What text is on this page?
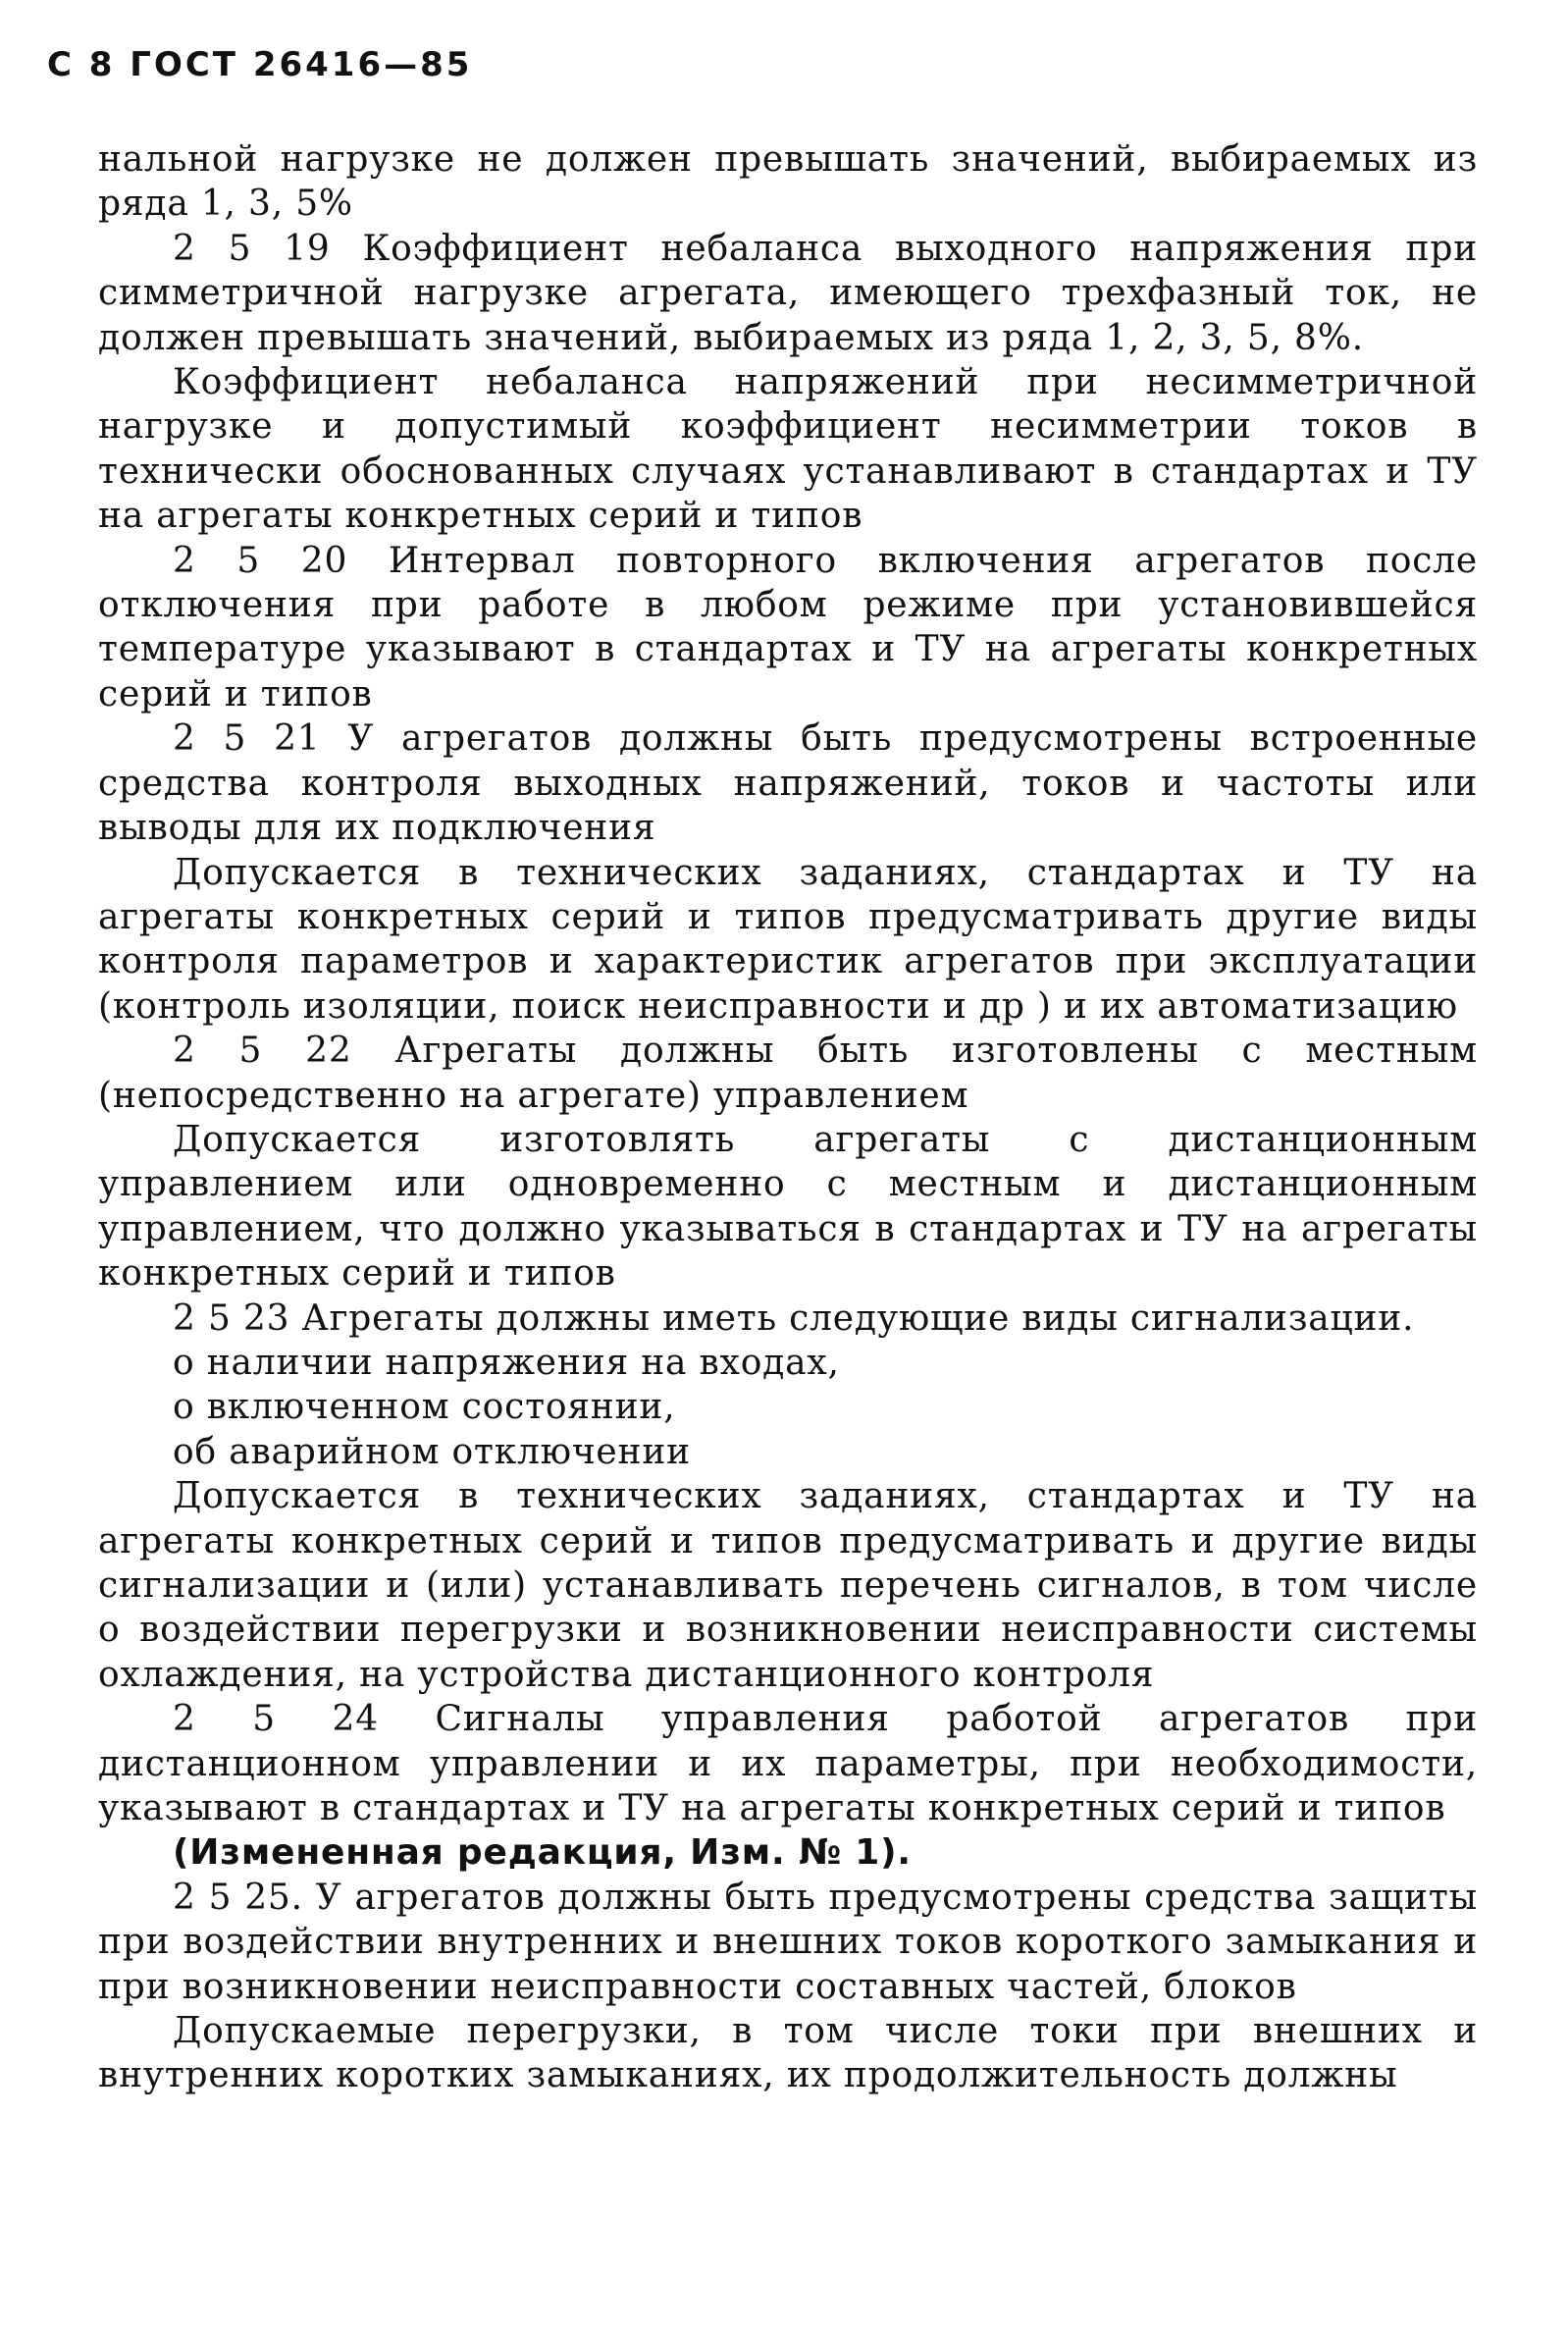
С 8 ГОСТ 26416—85

нальной нагрузке не должен превышать значений, выбираемых из ряда 1, 3, 5%

2 5 19 Коэффициент небаланса выходного напряжения при симметричной нагрузке агрегата, имеющего трехфазный ток, не должен превышать значений, выбираемых из ряда 1, 2, 3, 5, 8%.

Коэффициент небаланса напряжений при несимметричной нагрузке и допустимый коэффициент несимметрии токов в технически обоснованных случаях устанавливают в стандартах и ТУ на агрегаты конкретных серий и типов

2 5 20 Интервал повторного включения агрегатов после отключения при работе в любом режиме при установившейся температуре указывают в стандартах и ТУ на агрегаты конкретных серий и типов

2 5 21 У агрегатов должны быть предусмотрены встроенные средства контроля выходных напряжений, токов и частоты или выводы для их подключения

Допускается в технических заданиях, стандартах и ТУ на агрегаты конкретных серий и типов предусматривать другие виды контроля параметров и характеристик агрегатов при эксплуатации (контроль изоляции, поиск неисправности и др ) и их автоматизацию

2 5 22 Агрегаты должны быть изготовлены с местным (непосредственно на агрегате) управлением

Допускается изготовлять агрегаты с дистанционным управлением или одновременно с местным и дистанционным управлением, что должно указываться в стандартах и ТУ на агрегаты конкретных серий и типов

2 5 23 Агрегаты должны иметь следующие виды сигнализации.

о наличии напряжения на входах,

о включенном состоянии,

об аварийном отключении

Допускается в технических заданиях, стандартах и ТУ на агрегаты конкретных серий и типов предусматривать и другие виды сигнализации и (или) устанавливать перечень сигналов, в том числе о воздействии перегрузки и возникновении неисправности системы охлаждения, на устройства дистанционного контроля

2 5 24 Сигналы управления работой агрегатов при дистанционном управлении и их параметры, при необходимости, указывают в стандартах и ТУ на агрегаты конкретных серий и типов

(Измененная редакция, Изм. № 1).

2 5 25. У агрегатов должны быть предусмотрены средства защиты при воздействии внутренних и внешних токов короткого замыкания и при возникновении неисправности составных частей, блоков

Допускаемые перегрузки, в том числе токи при внешних и внутренних коротких замыканиях, их продолжительность должны
